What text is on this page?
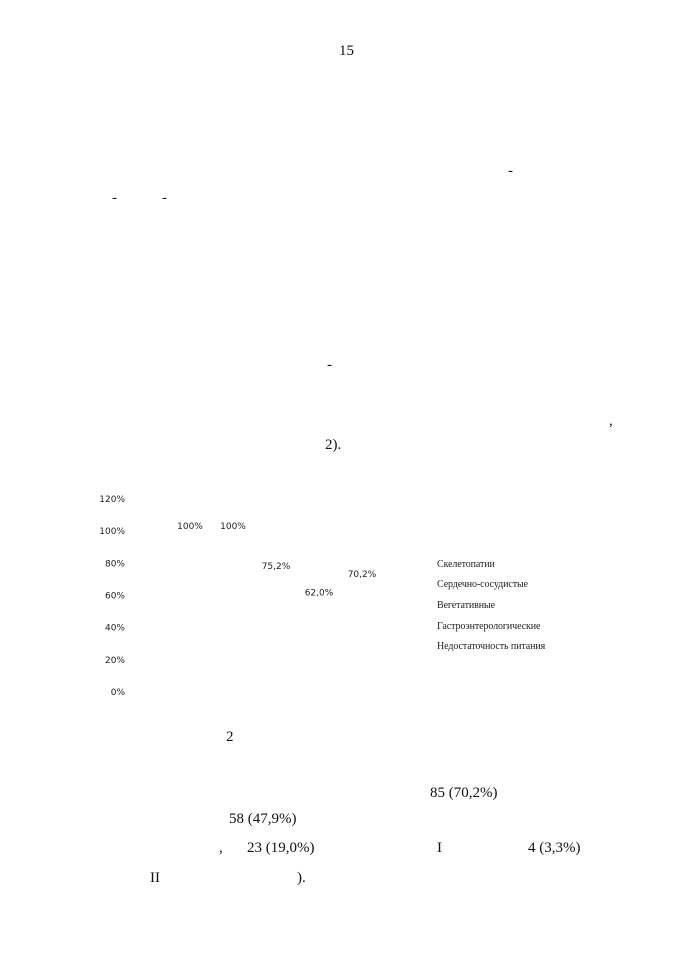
15
-
-	-
-
,
2).
120%
100%
80%
60%
40%
20%
0%
100% 100%
75,2%
62,0%
70,2%
Скелетопатии
Сердечно-сосудистые
Вегетативные
Гастроэнтерологические
Недостаточность питания
2
85 (70,2%)
58 (47,9%)
, 23 (19,0%)	I	4 (3,3%)
II	).
